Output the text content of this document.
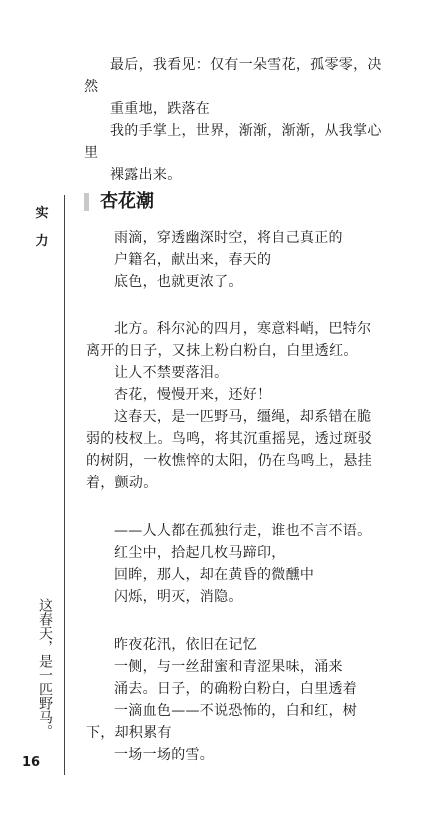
实
力
这春天，是一匹野马。
16
最后，我看见：仅有一朵雪花，孤零零，决
然
重重地，跌落在
我的手掌上，世界，渐渐，渐渐，从我掌心
里
裸露出来。
杏花潮
雨滴，穿透幽深时空，将自己真正的
户籍名，献出来，春天的
底色，也就更浓了。
北方。科尔沁的四月，寒意料峭，巴特尔
离开的日子，又抹上粉白粉白，白里透红。
让人不禁要落泪。
杏花，慢慢开来，还好！
这春天，是一匹野马，缰绳，却系错在脆
弱的枝杈上。鸟鸣，将其沉重摇晃，透过斑驳
的树阴，一枚憔悴的太阳，仍在鸟鸣上，悬挂
着，颤动。
——人人都在孤独行走，谁也不言不语。
红尘中，拾起几枚马蹄印，
回眸，那人，却在黄昏的微醺中
闪烁，明灭，消隐。
昨夜花汛，依旧在记忆
一侧，与一丝甜蜜和青涩果味，涌来
涌去。日子，的确粉白粉白，白里透着
一滴血色——不说恐怖的，白和红，树
下，却积累有
一场一场的雪。
